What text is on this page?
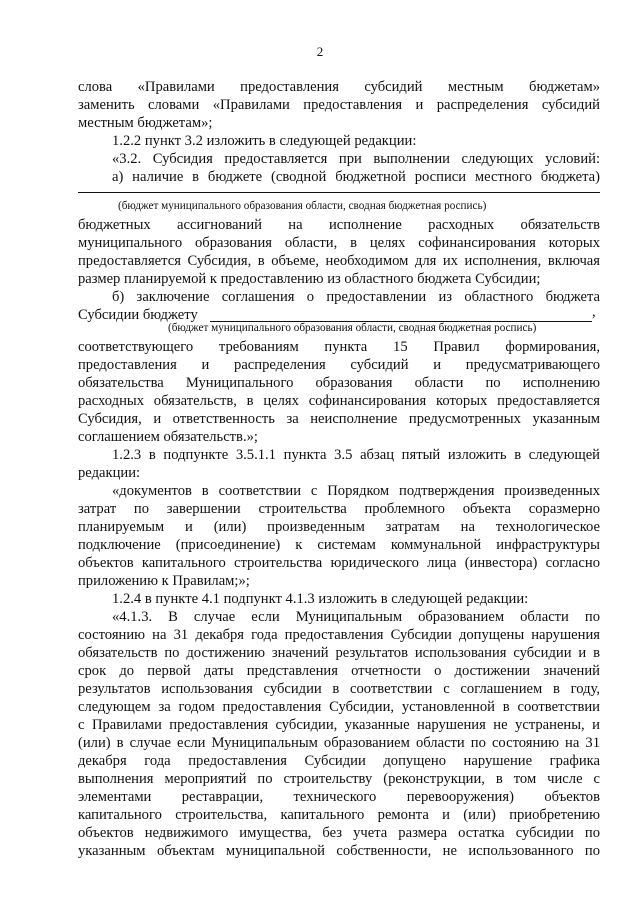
2
слова «Правилами предоставления субсидий местным бюджетам»
заменить словами «Правилами предоставления и распределения субсидий
местным бюджетам»;
1.2.2 пункт 3.2 изложить в следующей редакции:
«3.2. Субсидия предоставляется при выполнении следующих условий:
а) наличие в бюджете (сводной бюджетной росписи местного бюджета)
(бюджет муниципального образования области, сводная бюджетная роспись)
бюджетных ассигнований на исполнение расходных обязательств
муниципального образования области, в целях софинансирования которых
предоставляется Субсидия, в объеме, необходимом для их исполнения, включая
размер планируемой к предоставлению из областного бюджета Субсидии;
б) заключение соглашения о предоставлении из областного бюджета
Субсидии бюджету	,
(бюджет муниципального образования области, сводная бюджетная роспись)
соответствующего требованиям пункта 15 Правил формирования,
предоставления и распределения субсидий и предусматривающего
обязательства Муниципального образования области по исполнению
расходных обязательств, в целях софинансирования которых предоставляется
Субсидия, и ответственность за неисполнение предусмотренных указанным
соглашением обязательств.»;
1.2.3 в подпункте 3.5.1.1 пункта 3.5 абзац пятый изложить в следующей
редакции:
«документов в соответствии с Порядком подтверждения произведенных
затрат по завершении строительства проблемного объекта соразмерно
планируемым и (или) произведенным затратам на технологическое
подключение (присоединение) к системам коммунальной инфраструктуры
объектов капитального строительства юридического лица (инвестора) согласно
приложению к Правилам;»;
1.2.4 в пункте 4.1 подпункт 4.1.3 изложить в следующей редакции:
«4.1.3. В случае если Муниципальным образованием области по
состоянию на 31 декабря года предоставления Субсидии допущены нарушения
обязательств по достижению значений результатов использования субсидии и в
срок до первой даты представления отчетности о достижении значений
результатов использования субсидии в соответствии с соглашением в году,
следующем за годом предоставления Субсидии, установленной в соответствии
с Правилами предоставления субсидии, указанные нарушения не устранены, и
(или) в случае если Муниципальным образованием области по состоянию на 31
декабря года предоставления Субсидии допущено нарушение графика
выполнения мероприятий по строительству (реконструкции, в том числе с
элементами реставрации, технического перевооружения) объектов
капитального строительства, капитального ремонта и (или) приобретению
объектов недвижимого имущества, без учета размера остатка субсидии по
указанным объектам муниципальной собственности, не использованного по
